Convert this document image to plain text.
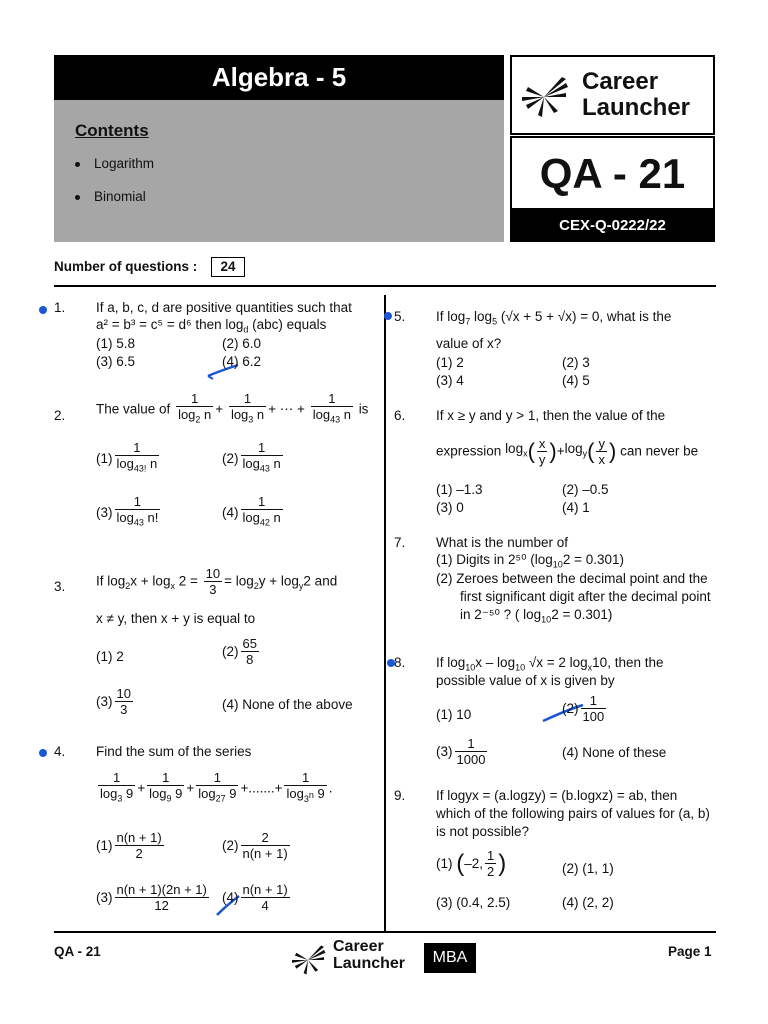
Algebra - 5
Contents
Logarithm
Binomial
Career
Launcher
QA - 21
CEX-Q-0222/22
Number of questions :	24
1. If a, b, c, d are positive quantities such that
a² = b³ = c⁵ = d⁶ then $\log_d (abc)$ equals
(1) 5.8	(2) 6.0
(3) 6.5	(4) 6.2
2. The value of $\frac{1}{\log_2 n} + \frac{1}{\log_3 n}$ + ⋯ + $\frac{1}{\log_{43} n}$ is
$(1) \frac{1}{\log_{43!} n}$	$(2) \frac{1}{\log_{43} n}$
$(3) \frac{1}{\log_{43} n!}$	$(4) \frac{1}{\log_{42} n}$
3. If $\log_2x + \log_x 2 = \frac{10}{3} = \log_2y + \log_y2$ and
x ≠ y, then x + y is equal to
(1) 2	$(2) \frac{65}{8}$
$(3) \frac{10}{3}$	(4) None of the above
4. Find the sum of the series
$\frac{1}{\log_3 9} + \frac{1}{\log_9 9} + \frac{1}{\log_{27} 9}$ +.......+ $\frac{1}{\log_{3^n} 9}$ .
$(1) \frac{n(n + 1)}{2}$	$(2) \frac{2}{n(n + 1)}$
$(3) \frac{n(n + 1)(2n + 1)}{12} (4) \frac{n(n + 1)}{4}$
5. If $\log_7 \log_5 (√x + 5 + √x) = 0$, what is the
value of x?
(1) 2	(2) 3
(3) 4	(4) 5
6. If x ≥ y and y > 1, then the value of the
expression $\log_x( \frac{x}{y} )+\log_y( \frac{y}{x}$ ) can never be
(1) –1.3	(2) –0.5
(3) 0	(4) 1
7. What is the number of
(1) Digits in 2⁵⁰ $(\log_{10}2 = 0.301)$
(2) Zeroes between the decimal point and the
first significant digit after the decimal point
in 2⁻⁵⁰ ? ( $\log_{10}2 = 0.301$)
8. If $\log_{10}x - \log_{10} √x = 2$ $\log_x10$, then the
possible value of x is given by
(1) 10	$(2) \frac{1}{100}$
$(3) \frac{1}{1000}$	(4) None of these
9. If logyx = (a.logzy) = (b.logxz) = ab, then
which of the following pairs of values for (a, b)
is not possible?
(1) (–2, $\frac{1}{2}$ )	(2) (1, 1)
(3) (0.4, 2.5)	(4) (2, 2)
QA - 21	Career
Launcher	MBA	Page 1
